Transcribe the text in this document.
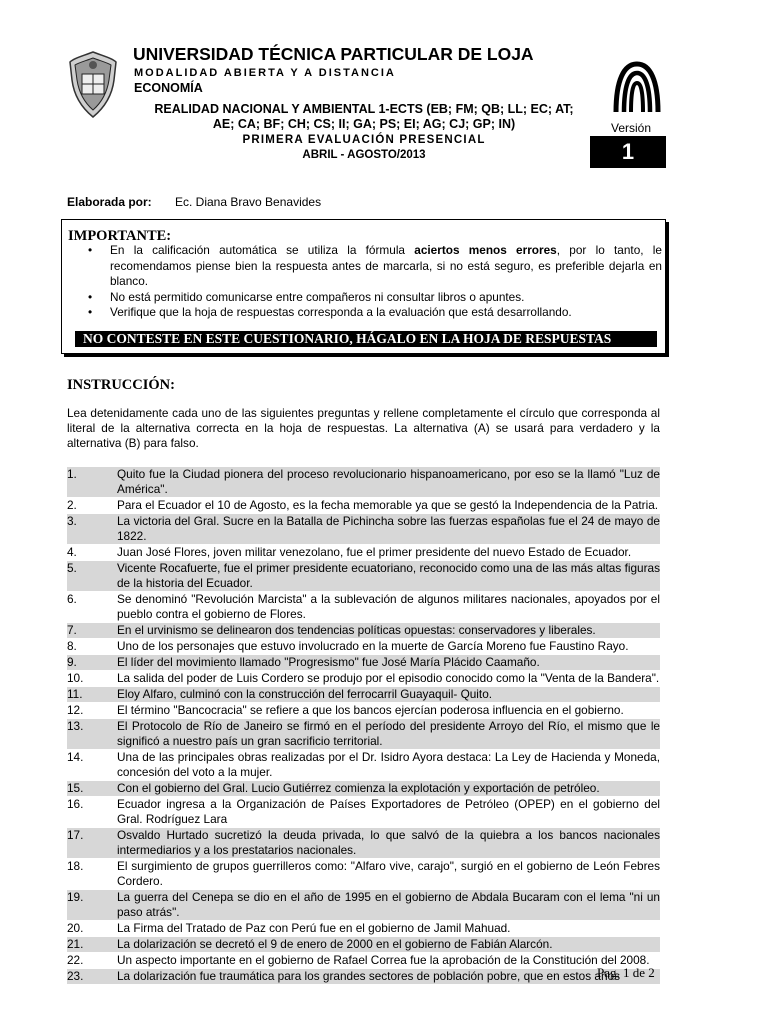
UNIVERSIDAD TÉCNICA PARTICULAR DE LOJA
MODALIDAD ABIERTA Y A DISTANCIA
ECONOMÍA
REALIDAD NACIONAL Y AMBIENTAL 1-ECTS (EB; FM; QB; LL; EC; AT;
AE; CA; BF; CH; CS; II; GA; PS; EI; AG; CJ; GP; IN)
PRIMERA EVALUACIÓN PRESENCIAL
ABRIL - AGOSTO/2013
Versión
1
Elaborada por: Ec. Diana Bravo Benavides
IMPORTANTE:
•	En la calificación automática se utiliza la fórmula aciertos menos errores, por lo tanto, le recomendamos piense bien la respuesta antes de marcarla, si no está seguro, es preferible dejarla en blanco.
•	No está permitido comunicarse entre compañeros ni consultar libros o apuntes.
•	Verifique que la hoja de respuestas corresponda a la evaluación que está desarrollando.
NO CONTESTE EN ESTE CUESTIONARIO, HÁGALO EN LA HOJA DE RESPUESTAS
INSTRUCCIÓN:
Lea detenidamente cada uno de las siguientes preguntas y rellene completamente el círculo que corresponda al literal de la alternativa correcta en la hoja de respuestas. La alternativa (A) se usará para verdadero y la alternativa (B) para falso.
1.	Quito fue la Ciudad pionera del proceso revolucionario hispanoamericano, por eso se la llamó "Luz de América".
2.	Para el Ecuador el 10 de Agosto, es la fecha memorable ya que se gestó la Independencia de la Patria.
3.	La victoria del Gral. Sucre en la Batalla de Pichincha sobre las fuerzas españolas fue el 24 de mayo de 1822.
4.	Juan José Flores, joven militar venezolano, fue el primer presidente del nuevo Estado de Ecuador.
5.	Vicente Rocafuerte, fue el primer presidente ecuatoriano, reconocido como una de las más altas figuras de la historia del Ecuador.
6.	Se denominó "Revolución Marcista" a la sublevación de algunos militares nacionales, apoyados por el pueblo contra el gobierno de Flores.
7.	En el urvinismo se delinearon dos tendencias políticas opuestas: conservadores y liberales.
8.	Uno de los personajes que estuvo involucrado en la muerte de García Moreno fue Faustino Rayo.
9.	El líder del movimiento llamado "Progresismo" fue José María Plácido Caamaño.
10.	La salida del poder de Luis Cordero se produjo por el episodio conocido como la "Venta de la Bandera".
11.	Eloy Alfaro, culminó con la construcción del ferrocarril Guayaquil- Quito.
12.	El término "Bancocracia" se refiere a que los bancos ejercían poderosa influencia en el gobierno.
13.	El Protocolo de Río de Janeiro se firmó en el período del presidente Arroyo del Río, el mismo que le significó a nuestro país un gran sacrificio territorial.
14.	Una de las principales obras realizadas por el Dr. Isidro Ayora destaca: La Ley de Hacienda y Moneda, concesión del voto a la mujer.
15.	Con el gobierno del Gral. Lucio Gutiérrez comienza la explotación y exportación de petróleo.
16.	Ecuador ingresa a la Organización de Países Exportadores de Petróleo (OPEP) en el gobierno del Gral. Rodríguez Lara
17.	Osvaldo Hurtado sucretizó la deuda privada, lo que salvó de la quiebra a los bancos nacionales intermediarios y a los prestatarios nacionales.
18.	El surgimiento de grupos guerrilleros como: "Alfaro vive, carajo", surgió en el gobierno de León Febres Cordero.
19.	La guerra del Cenepa se dio en el año de 1995 en el gobierno de Abdala Bucaram con el lema "ni un paso atrás".
20.	La Firma del Tratado de Paz con Perú fue en el gobierno de Jamil Mahuad.
21.	La dolarización se decretó el 9 de enero de 2000 en el gobierno de Fabián Alarcón.
22.	Un aspecto importante en el gobierno de Rafael Correa fue la aprobación de la Constitución del 2008.
23.	La dolarización fue traumática para los grandes sectores de población pobre, que en estos años
Pag. 1 de 2
